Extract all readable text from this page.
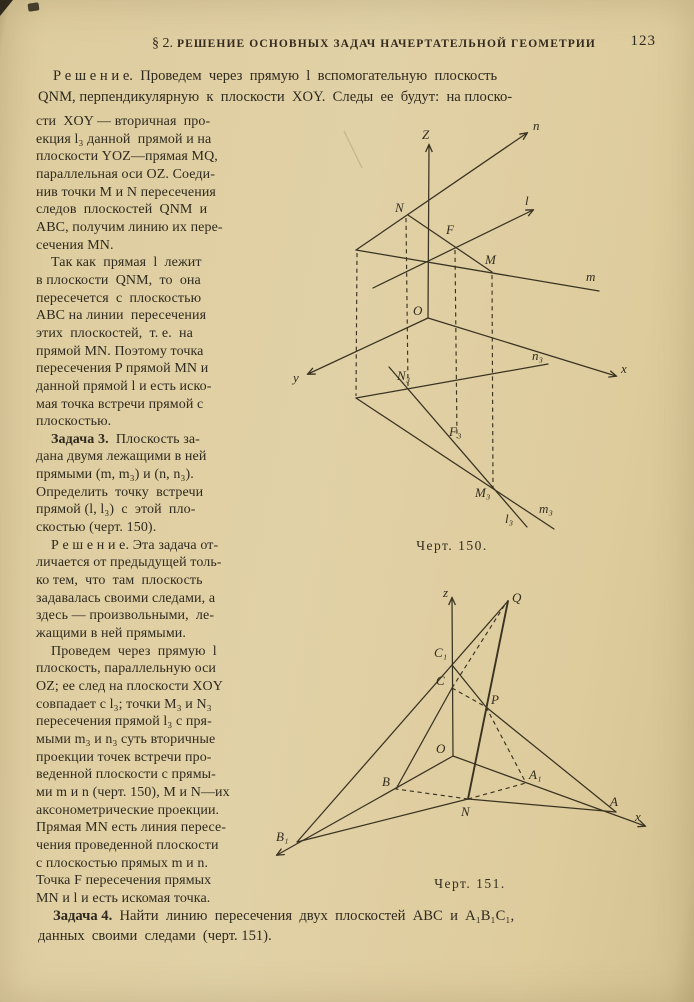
§ 2. РЕШЕНИЕ ОСНОВНЫХ ЗАДАЧ НАЧЕРТАТЕЛЬНОЙ ГЕОМЕТРИИ	123
Р е ш е н и е.  Проведем  через  прямую  l  вспомогательную  плоскость
QNM, перпендикулярную  к  плоскости  XOY.  Следы  ее  будут:  на плоско-
сти  XOY — вторичная  про-
екция l₃ данной  прямой и на
плоскости YOZ—прямая MQ,
параллельная оси OZ. Соеди-
нив точки M и N пересечения
следов  плоскостей  QNM  и
ABC, получим линию их пере-
сечения MN.
Так как  прямая  l  лежит
в плоскости  QNM,  то  она
пересечется  с  плоскостью
ABC на линии  пересечения
этих  плоскостей,  т. е.  на
прямой MN. Поэтому точка
пересечения P прямой MN и
данной прямой l и есть иско-
мая точка встречи прямой с
плоскостью.
Задача 3.  Плоскость за-
дана двумя лежащими в ней
прямыми (m, m₃) и (n, n₃).
Определить  точку  встречи
прямой (l, l₃)  с  этой  пло-
скостью (черт. 150).
Р е ш е н и е. Эта задача от-
личается от предыдущей толь-
ко тем,  что  там  плоскость
задавалась своими следами, а
здесь — произвольными,  ле-
жащими в ней прямыми.
Проведем  через  прямую  l
плоскость, параллельную оси
OZ; ее след на плоскости XOY
совпадает с l₃; точки M₃ и N₃
пересечения прямой l₃ с пря-
мыми m₃ и n₃ суть вторичные
проекции точек встречи про-
веденной плоскости с прямы-
ми m и n (черт. 150), M и N—их
аксонометрические проекции.
Прямая MN есть линия пересе-
чения проведенной плоскости
с плоскостью прямых m и n.
Точка F пересечения прямых
MN и l и есть искомая точка.
Задача 4.  Найти  линию  пересечения  двух  плоскостей  ABC  и  A₁B₁C₁,
данных  своими  следами  (черт. 151).
Z
n
l
m
N
F
M
O
y
x
n₃
N₃
F₃
M₃
m₃
l₃
Черт. 150.
z	Q
C₁
C
P
O
B	A₁
N
A
x
B₁
Черт. 151.
